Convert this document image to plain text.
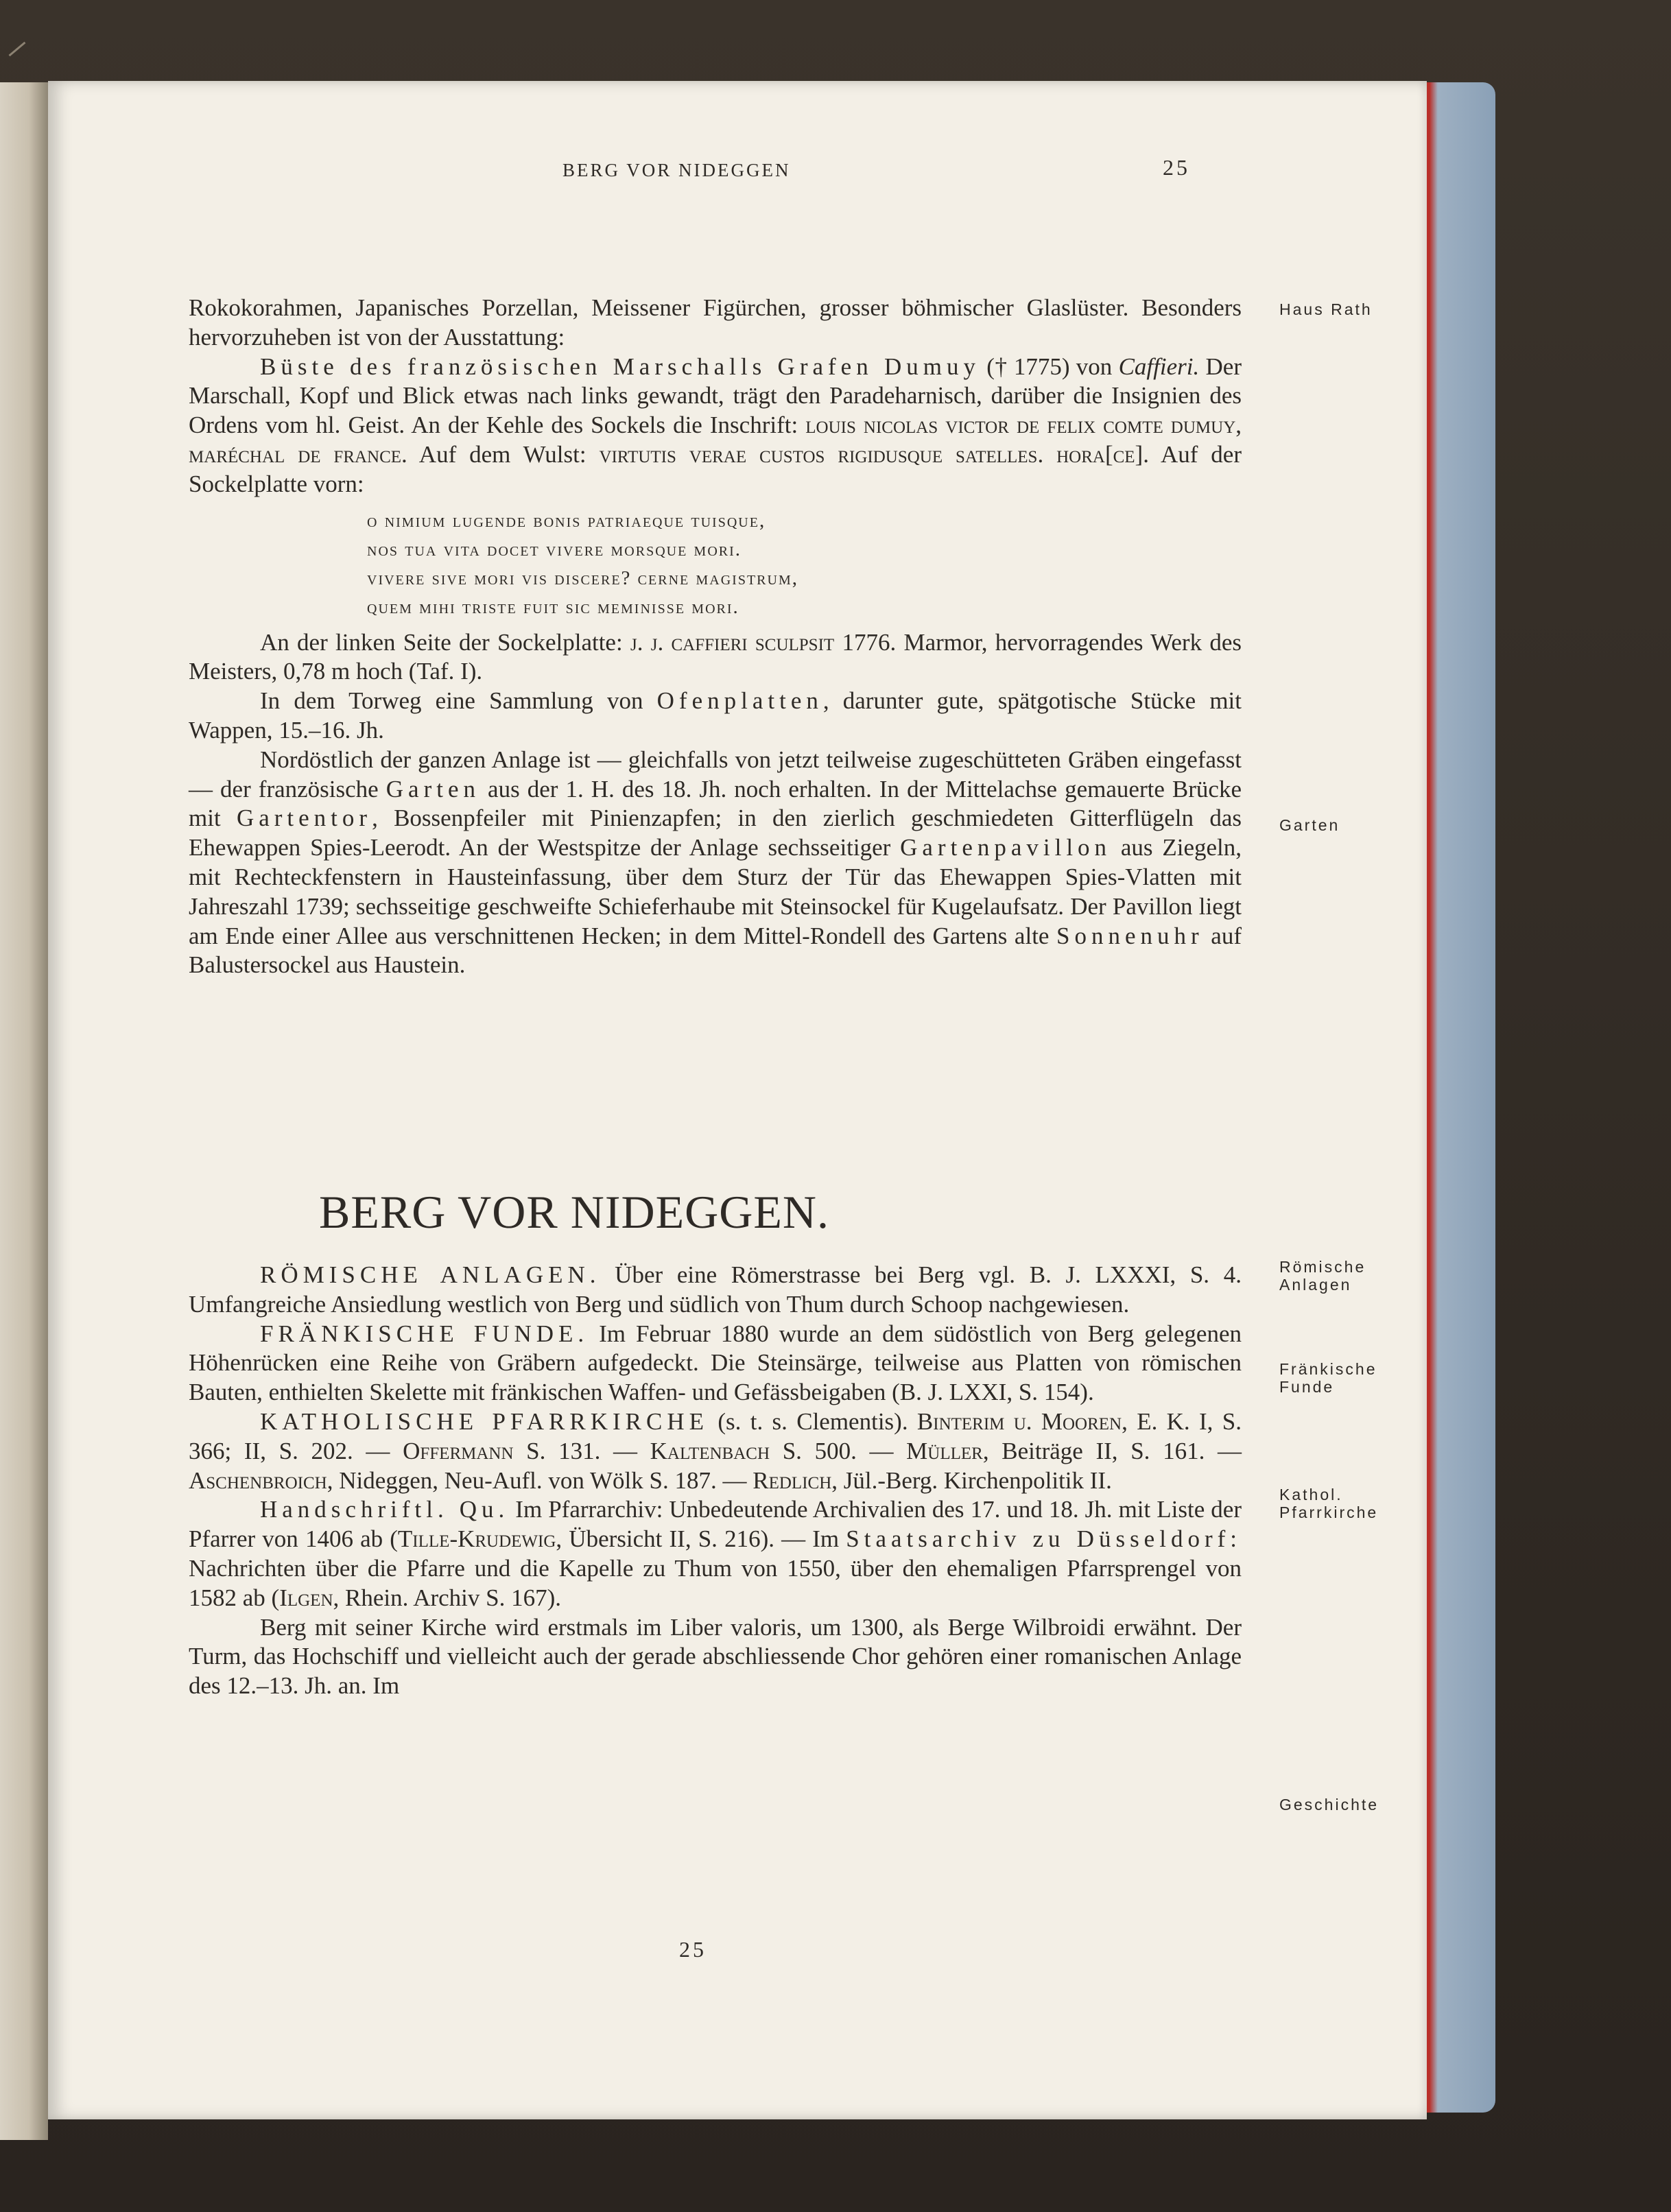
BERG VOR NIDEGGEN	25
Haus Rath
Garten
Römische Anlagen
Fränkische Funde
Kathol. Pfarrkirche
Geschichte

Rokokorahmen, Japanisches Porzellan, Meissener Figürchen, grosser böhmischer Glaslüster. Besonders hervorzuheben ist von der Ausstattung:

Büste des französischen Marschalls Grafen Dumuy († 1775) von Caffieri. Der Marschall, Kopf und Blick etwas nach links gewandt, trägt den Paradeharnisch, darüber die Insignien des Ordens vom hl. Geist. An der Kehle des Sockels die Inschrift: louis nicolas victor de felix comte dumuy, maréchal de france. Auf dem Wulst: virtutis verae custos rigidusque satelles. hora[ce]. Auf der Sockelplatte vorn:

o nimium lugende bonis patriaeque tuisque,
nos tua vita docet vivere morsque mori.
vivere sive mori vis discere? cerne magistrum,
quem mihi triste fuit sic meminisse mori.

An der linken Seite der Sockelplatte: j. j. caffieri sculpsit 1776. Marmor, hervorragendes Werk des Meisters, 0,78 m hoch (Taf. I).

In dem Torweg eine Sammlung von Ofenplatten, darunter gute, spätgotische Stücke mit Wappen, 15.–16. Jh.

Nordöstlich der ganzen Anlage ist — gleichfalls von jetzt teilweise zugeschütteten Gräben eingefasst — der französische Garten aus der 1. H. des 18. Jh. noch erhalten. In der Mittelachse gemauerte Brücke mit Gartentor, Bossenpfeiler mit Pinienzapfen; in den zierlich geschmiedeten Gitterflügeln das Ehewappen Spies-Leerodt. An der Westspitze der Anlage sechsseitiger Gartenpavillon aus Ziegeln, mit Rechteckfenstern in Hausteinfassung, über dem Sturz der Tür das Ehewappen Spies-Vlatten mit Jahreszahl 1739; sechsseitige geschweifte Schieferhaube mit Steinsockel für Kugelaufsatz. Der Pavillon liegt am Ende einer Allee aus verschnittenen Hecken; in dem Mittel-Rondell des Gartens alte Sonnenuhr auf Balustersockel aus Haustein.

BERG VOR NIDEGGEN.

RÖMISCHE ANLAGEN. Über eine Römerstrasse bei Berg vgl. B. J. LXXXI, S. 4. Umfangreiche Ansiedlung westlich von Berg und südlich von Thum durch Schoop nachgewiesen.

FRÄNKISCHE FUNDE. Im Februar 1880 wurde an dem südöstlich von Berg gelegenen Höhenrücken eine Reihe von Gräbern aufgedeckt. Die Steinsärge, teilweise aus Platten von römischen Bauten, enthielten Skelette mit fränkischen Waffen- und Gefässbeigaben (B. J. LXXI, S. 154).

KATHOLISCHE PFARRKIRCHE (s. t. s. Clementis). Binterim u. Mooren, E. K. I, S. 366; II, S. 202. — Offermann S. 131. — Kaltenbach S. 500. — Müller, Beiträge II, S. 161. — Aschenbroich, Nideggen, Neu-Aufl. von Wölk S. 187. — Redlich, Jül.-Berg. Kirchenpolitik II.

Handschriftl. Qu. Im Pfarrarchiv: Unbedeutende Archivalien des 17. und 18. Jh. mit Liste der Pfarrer von 1406 ab (Tille-Krudewig, Übersicht II, S. 216). — Im Staatsarchiv zu Düsseldorf: Nachrichten über die Pfarre und die Kapelle zu Thum von 1550, über den ehemaligen Pfarrsprengel von 1582 ab (Ilgen, Rhein. Archiv S. 167).

Berg mit seiner Kirche wird erstmals im Liber valoris, um 1300, als Berge Wilbroidi erwähnt. Der Turm, das Hochschiff und vielleicht auch der gerade abschliessende Chor gehören einer romanischen Anlage des 12.–13. Jh. an. Im

25
